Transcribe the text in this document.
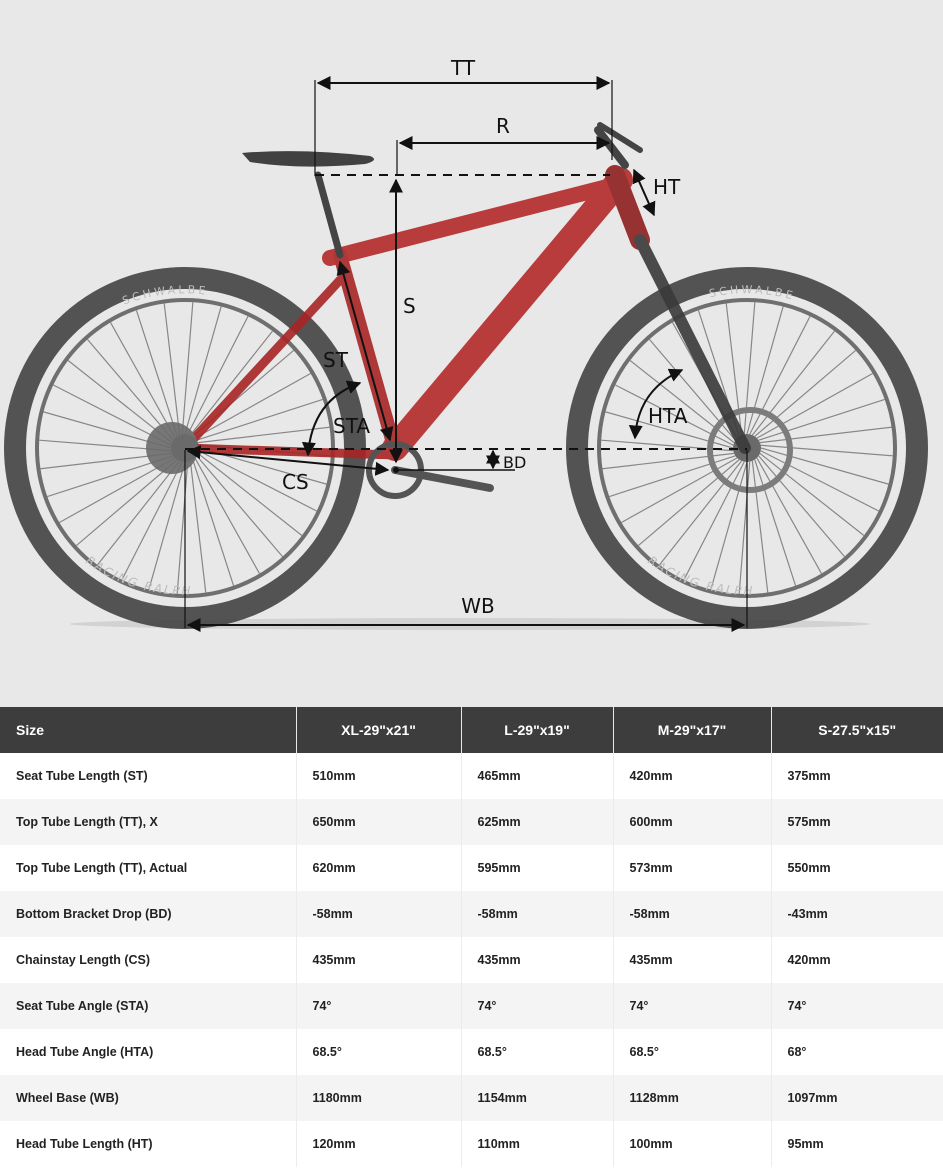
SCHWALBE	SCHWALBE
RACING RALPH
RACING RALPH
TT
R
HT
S
ST
STA	HTA
BD
CS
WB
Size	XL-29"x21"	L-29"x19"	M-29"x17"	S-27.5"x15"
Seat Tube Length (ST)	510mm	465mm	420mm	375mm
Top Tube Length (TT), X	650mm	625mm	600mm	575mm
Top Tube Length (TT), Actual	620mm	595mm	573mm	550mm
Bottom Bracket Drop (BD)	-58mm	-58mm	-58mm	-43mm
Chainstay Length (CS)	435mm	435mm	435mm	420mm
Seat Tube Angle (STA)	74°	74°	74°	74°
Head Tube Angle (HTA)	68.5°	68.5°	68.5°	68°
Wheel Base (WB)	1180mm	1154mm	1128mm	1097mm
Head Tube Length (HT)	120mm	110mm	100mm	95mm
